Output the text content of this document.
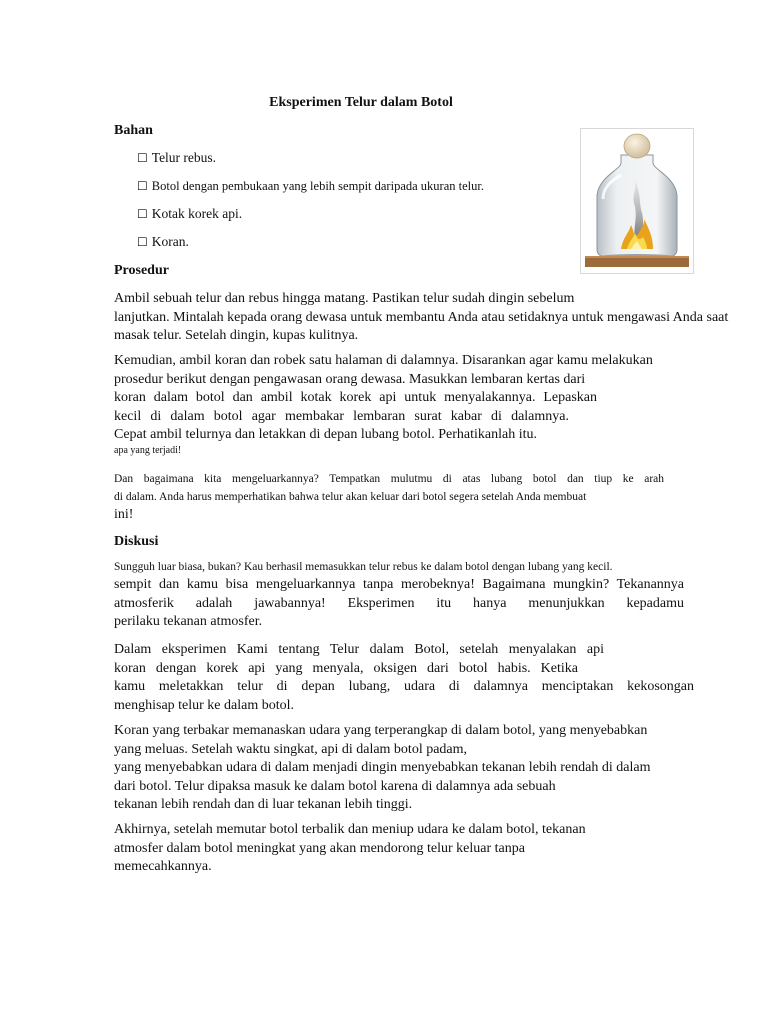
Eksperimen Telur dalam Botol
Bahan
☐ Telur rebus.
☐ Botol dengan pembukaan yang lebih sempit daripada ukuran telur.
☐ Kotak korek api.
☐ Koran.
Prosedur
Ambil sebuah telur dan rebus hingga matang. Pastikan telur sudah dingin sebelum
lanjutkan. Mintalah kepada orang dewasa untuk membantu Anda atau setidaknya untuk mengawasi Anda saat
masak telur. Setelah dingin, kupas kulitnya.
Kemudian, ambil koran dan robek satu halaman di dalamnya. Disarankan agar kamu melakukan
prosedur berikut dengan pengawasan orang dewasa. Masukkan lembaran kertas dari
koran dalam botol dan ambil kotak korek api untuk menyalakannya. Lepaskan
kecil di dalam botol agar membakar lembaran surat kabar di dalamnya.
Cepat ambil telurnya dan letakkan di depan lubang botol. Perhatikanlah itu.
apa yang terjadi!
Dan bagaimana kita mengeluarkannya? Tempatkan mulutmu di atas lubang botol dan tiup ke arah
di dalam. Anda harus memperhatikan bahwa telur akan keluar dari botol segera setelah Anda membuat
ini!
Diskusi
Sungguh luar biasa, bukan? Kau berhasil memasukkan telur rebus ke dalam botol dengan lubang yang kecil.
sempit dan kamu bisa mengeluarkannya tanpa merobeknya! Bagaimana mungkin? Tekanannya
atmosferik adalah jawabannya! Eksperimen itu hanya menunjukkan kepadamu
perilaku tekanan atmosfer.
Dalam eksperimen Kami tentang Telur dalam Botol, setelah menyalakan api
koran dengan korek api yang menyala, oksigen dari botol habis. Ketika
kamu meletakkan telur di depan lubang, udara di dalamnya menciptakan kekosongan
menghisap telur ke dalam botol.
Koran yang terbakar memanaskan udara yang terperangkap di dalam botol, yang menyebabkan
yang meluas. Setelah waktu singkat, api di dalam botol padam,
yang menyebabkan udara di dalam menjadi dingin menyebabkan tekanan lebih rendah di dalam
dari botol. Telur dipaksa masuk ke dalam botol karena di dalamnya ada sebuah
tekanan lebih rendah dan di luar tekanan lebih tinggi.
Akhirnya, setelah memutar botol terbalik dan meniup udara ke dalam botol, tekanan
atmosfer dalam botol meningkat yang akan mendorong telur keluar tanpa
memecahkannya.
